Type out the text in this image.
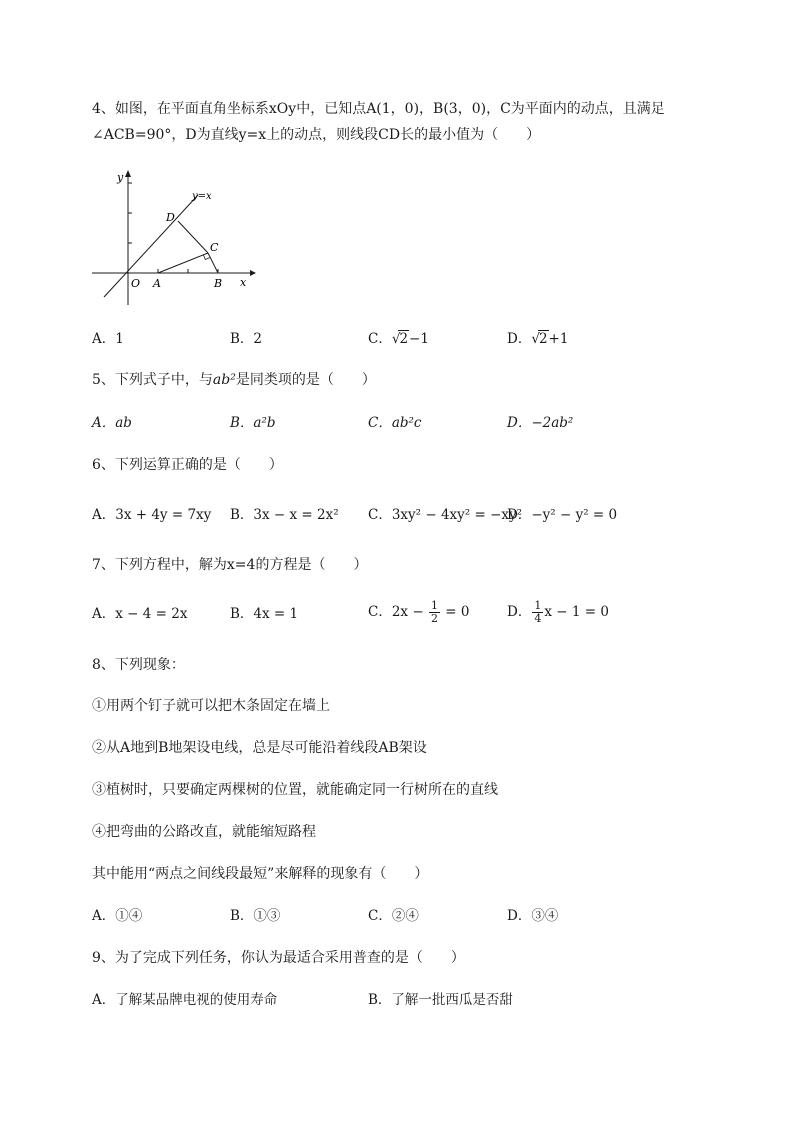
4、如图，在平面直角坐标系xOy中，已知点A(1，0)，B(3，0)，C为平面内的动点，且满足
∠ACB=90°，D为直线y=x上的动点，则线段CD长的最小值为（　　）
y
x
y=x
O A	B
C
D
A．1	B．2	C．√2−1	D．√2+1
5、下列式子中，与ab²是同类项的是（　　）
A．ab	B．a²b	C．ab²c	D．−2ab²
6、下列运算正确的是（　　）
A．3x + 4y = 7xy B．3x − x = 2x² C．3xy² − 4xy² = −xy²
D．−y² − y² = 0
7、下列方程中，解为x=4的方程是（　　）
A．x − 4 = 2x	B．4x = 1	C．$2x - \frac{1}{2} = 0$	D． $\frac{1}{4}$ x − 1 = 0
8、下列现象：
①用两个钉子就可以把木条固定在墙上
②从A地到B地架设电线，总是尽可能沿着线段AB架设
③植树时，只要确定两棵树的位置，就能确定同一行树所在的直线
④把弯曲的公路改直，就能缩短路程
其中能用“两点之间线段最短”来解释的现象有（　　）
A．①④	B．①③	C．②④	D．③④
9、为了完成下列任务，你认为最适合采用普查的是（　　）
A．了解某品牌电视的使用寿命	B．了解一批西瓜是否甜
